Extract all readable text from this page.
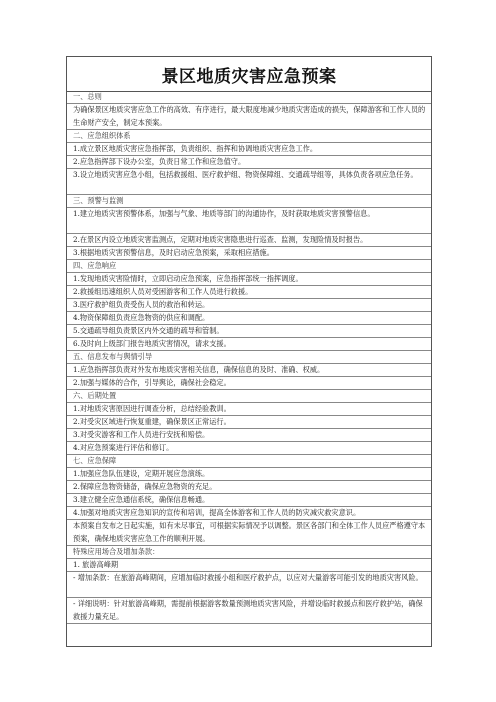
景区地质灾害应急预案
一、总则
为确保景区地质灾害应急工作的高效、有序进行，最大限度地减少地质灾害造成的损失，保障游客和工作人员的生命财产安全，制定本预案。
二、应急组织体系
1.成立景区地质灾害应急指挥部，负责组织、指挥和协调地质灾害应急工作。
2.应急指挥部下设办公室，负责日常工作和应急值守。
3.设立地质灾害应急小组，包括救援组、医疗救护组、物资保障组、交通疏导组等，具体负责各项应急任务。
三、预警与监测
1.建立地质灾害预警体系，加强与气象、地质等部门的沟通协作，及时获取地质灾害预警信息。
2.在景区内设立地质灾害监测点，定期对地质灾害隐患进行巡查、监测，发现险情及时报告。
3.根据地质灾害预警信息，及时启动应急预案，采取相应措施。
四、应急响应
1.发现地质灾害险情时，立即启动应急预案，应急指挥部统一指挥调度。
2.救援组迅速组织人员对受困游客和工作人员进行救援。
3.医疗救护组负责受伤人员的救治和转运。
4.物资保障组负责应急物资的供应和调配。
5.交通疏导组负责景区内外交通的疏导和管制。
6.及时向上级部门报告地质灾害情况，请求支援。
五、信息发布与舆情引导
1.应急指挥部负责对外发布地质灾害相关信息，确保信息的及时、准确、权威。
2.加强与媒体的合作，引导舆论，确保社会稳定。
六、后期处置
1.对地质灾害原因进行调查分析，总结经验教训。
2.对受灾区域进行恢复重建，确保景区正常运行。
3.对受灾游客和工作人员进行安抚和赔偿。
4.对应急预案进行评估和修订。
七、应急保障
1.加强应急队伍建设，定期开展应急演练。
2.保障应急物资储备，确保应急物资的充足。
3.建立健全应急通信系统，确保信息畅通。
4.加强对地质灾害应急知识的宣传和培训，提高全体游客和工作人员的防灾减灾救灾意识。
本预案自发布之日起实施，如有未尽事宜，可根据实际情况予以调整。景区各部门和全体工作人员应严格遵守本预案，确保地质灾害应急工作的顺利开展。
特殊应用场合及增加条款：
1. 旅游高峰期
- 增加条款：在旅游高峰期间，应增加临时救援小组和医疗救护点，以应对大量游客可能引发的地质灾害风险。
- 详细说明：针对旅游高峰期，需提前根据游客数量预测地质灾害风险，并增设临时救援点和医疗救护站，确保救援力量充足。
